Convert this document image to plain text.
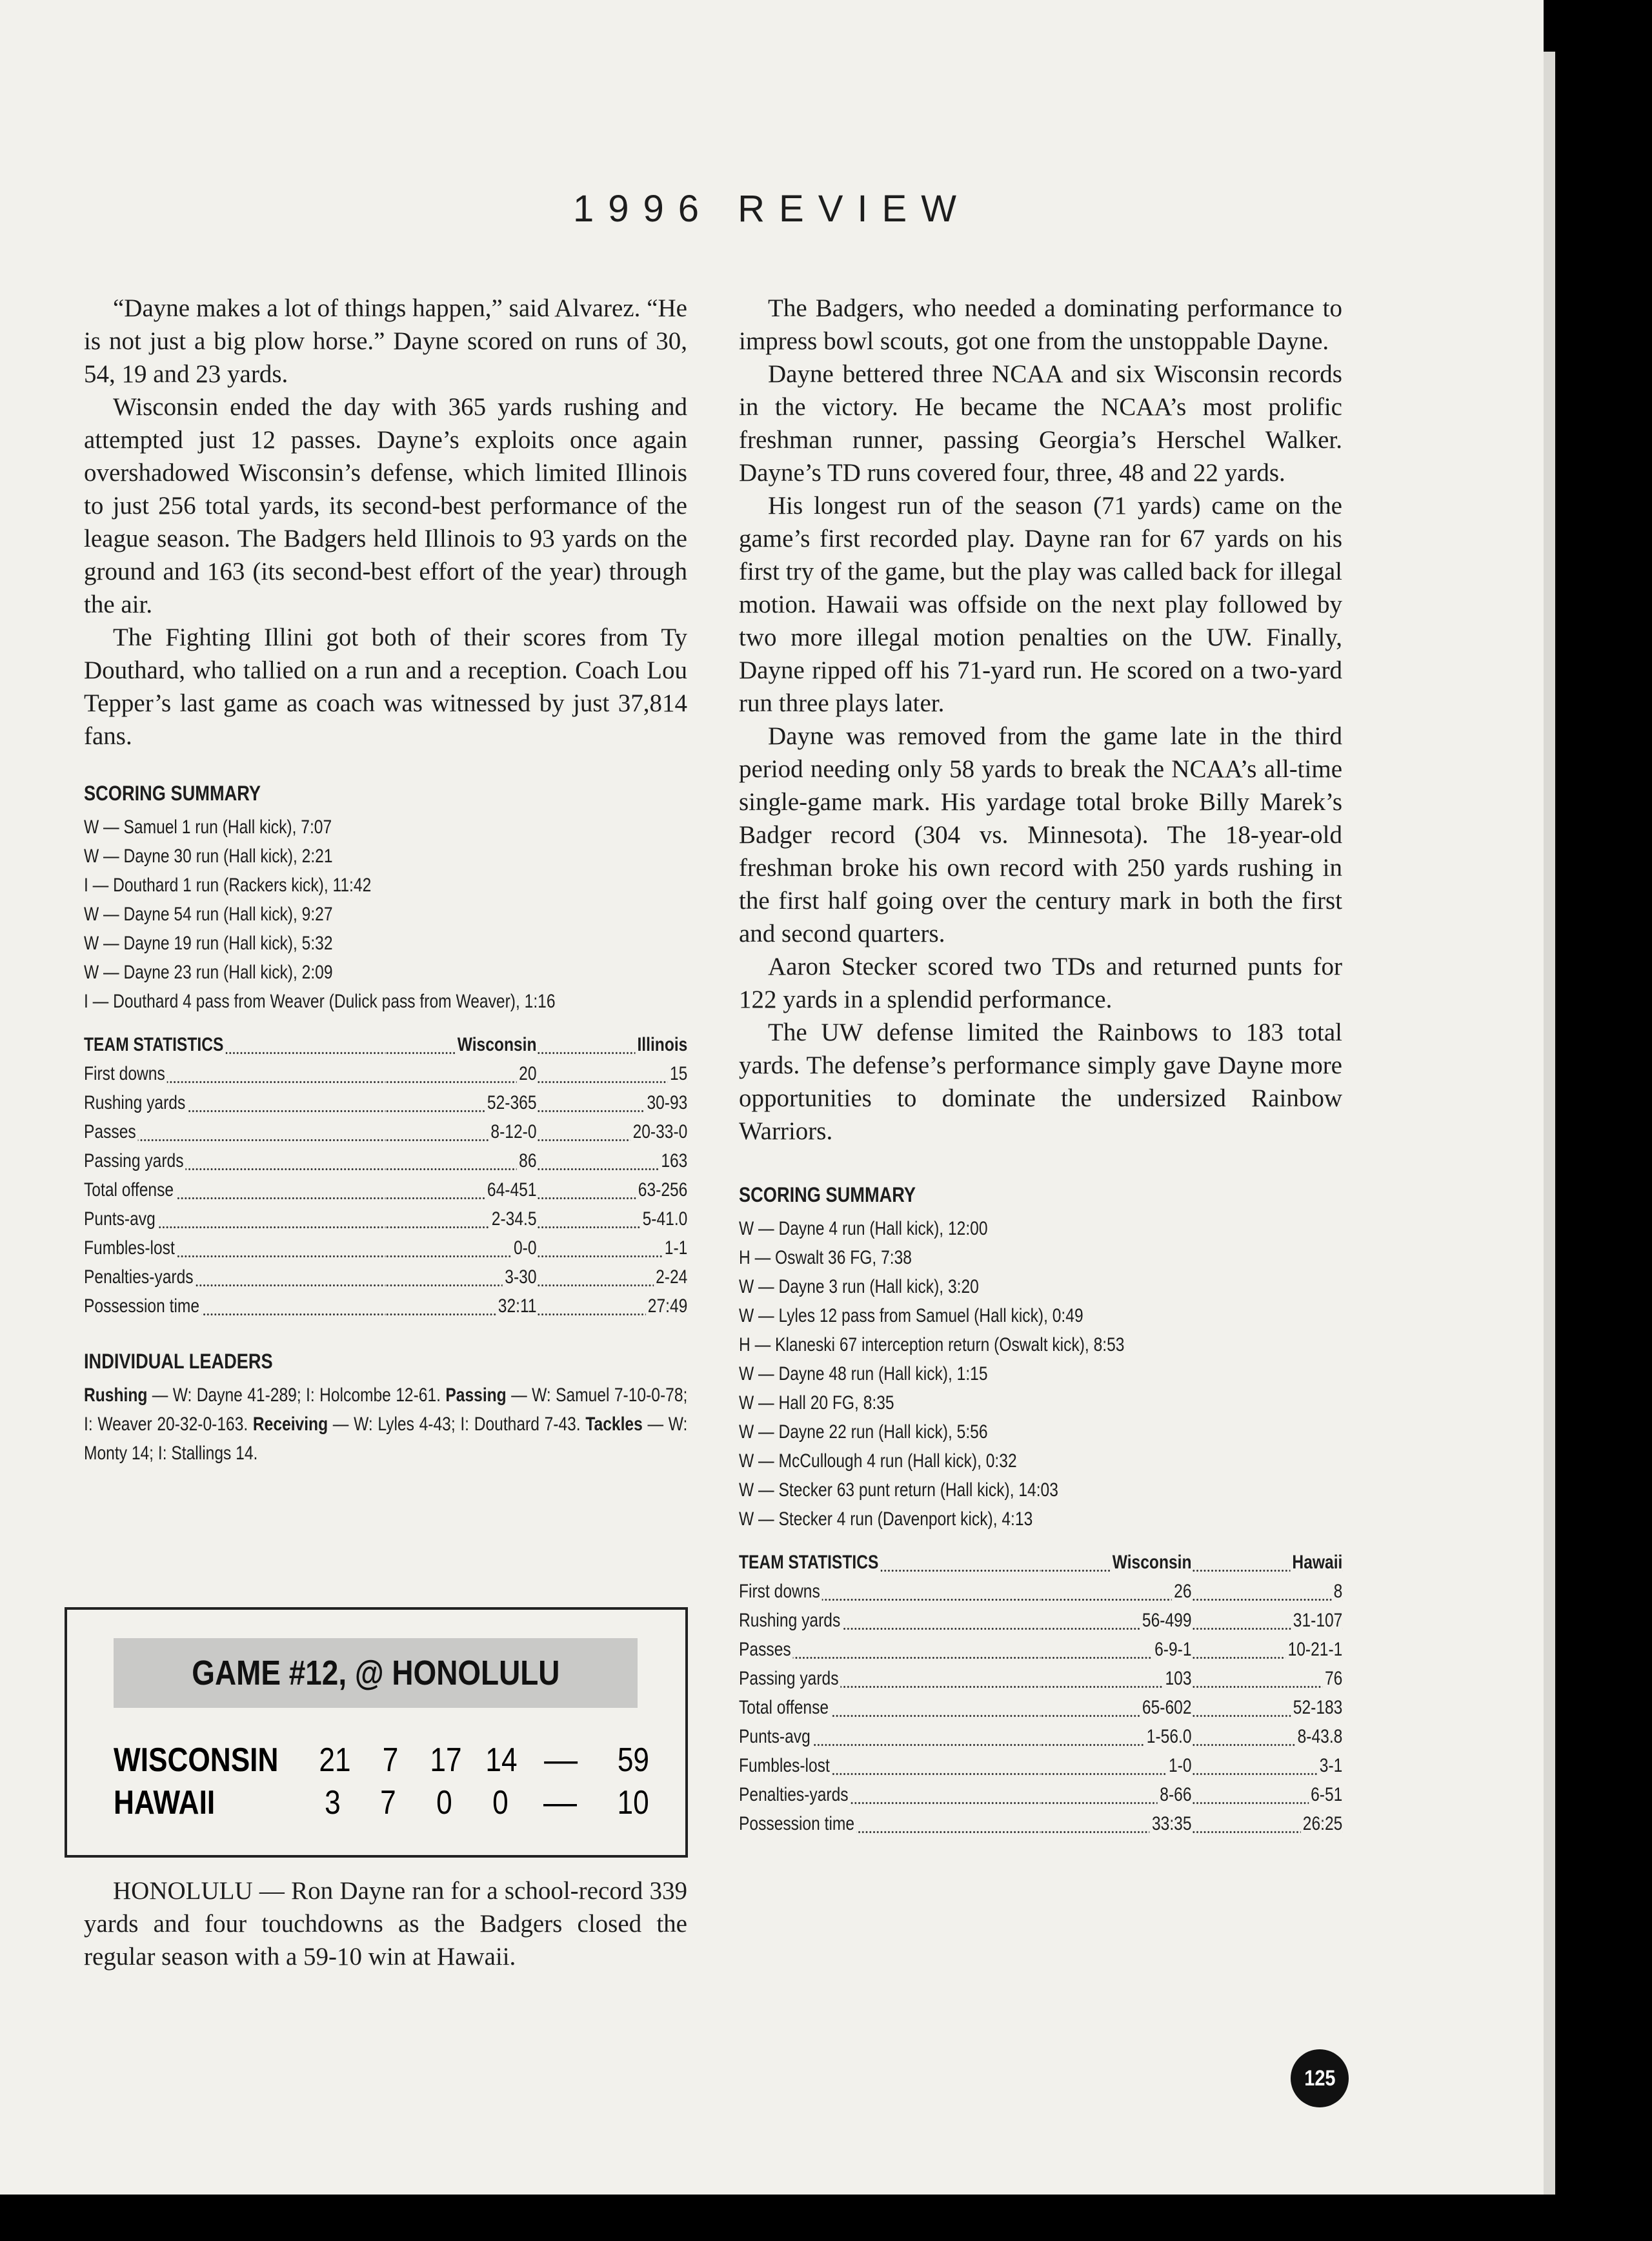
1996 REVIEW

“Dayne makes a lot of things happen,” said Alvarez. “He is not just a big plow horse.” Dayne scored on runs of 30, 54, 19 and 23 yards.

Wisconsin ended the day with 365 yards rushing and attempted just 12 passes. Dayne’s exploits once again overshadowed Wisconsin’s defense, which limited Illinois to just 256 total yards, its second-best performance of the league season. The Badgers held Illinois to 93 yards on the ground and 163 (its second-best effort of the year) through the air.

The Fighting Illini got both of their scores from Ty Douthard, who tallied on a run and a reception. Coach Lou Tepper’s last game as coach was witnessed by just 37,814 fans.

SCORING SUMMARY
W — Samuel 1 run (Hall kick), 7:07
W — Dayne 30 run (Hall kick), 2:21
I — Douthard 1 run (Rackers kick), 11:42
W — Dayne 54 run (Hall kick), 9:27
W — Dayne 19 run (Hall kick), 5:32
W — Dayne 23 run (Hall kick), 2:09
I — Douthard 4 pass from Weaver (Dulick pass from Weaver), 1:16
TEAM STATISTICS	Wisconsin	Illinois
First downs	20	15
Rushing yards	52-365	30-93
Passes	8-12-0	20-33-0
Passing yards	86	163
Total offense	64-451	63-256
Punts-avg	2-34.5	5-41.0
Fumbles-lost	0-0	1-1
Penalties-yards	3-30	2-24
Possession time	32:11	27:49
INDIVIDUAL LEADERS
Rushing — W: Dayne 41-289; I: Holcombe 12-61. Passing — W: Samuel 7-10-0-78; I: Weaver 20-32-0-163. Receiving — W: Lyles 4-43; I: Douthard 7-43. Tackles — W: Monty 14; I: Stallings 14.
GAME #12, @ HONOLULU
WISCONSIN 21 7 17 14 —	59
HAWAII	3	7	0	0	—	10

HONOLULU — Ron Dayne ran for a school-record 339 yards and four touchdowns as the Badgers closed the regular season with a 59-10 win at Hawaii.

The Badgers, who needed a dominating performance to impress bowl scouts, got one from the unstoppable Dayne.

Dayne bettered three NCAA and six Wisconsin records in the victory. He became the NCAA’s most prolific freshman runner, passing Georgia’s Herschel Walker. Dayne’s TD runs covered four, three, 48 and 22 yards.

His longest run of the season (71 yards) came on the game’s first recorded play. Dayne ran for 67 yards on his first try of the game, but the play was called back for illegal motion. Hawaii was offside on the next play followed by two more illegal motion penalties on the UW. Finally, Dayne ripped off his 71-yard run. He scored on a two-yard run three plays later.

Dayne was removed from the game late in the third period needing only 58 yards to break the NCAA’s all-time single-game mark. His yardage total broke Billy Marek’s Badger record (304 vs. Minnesota). The 18-year-old freshman broke his own record with 250 yards rushing in the first half going over the century mark in both the first and second quarters.

Aaron Stecker scored two TDs and returned punts for 122 yards in a splendid performance.

The UW defense limited the Rainbows to 183 total yards. The defense’s performance simply gave Dayne more opportunities to dominate the undersized Rainbow Warriors.

SCORING SUMMARY
W — Dayne 4 run (Hall kick), 12:00
H — Oswalt 36 FG, 7:38
W — Dayne 3 run (Hall kick), 3:20
W — Lyles 12 pass from Samuel (Hall kick), 0:49
H — Klaneski 67 interception return (Oswalt kick), 8:53
W — Dayne 48 run (Hall kick), 1:15
W — Hall 20 FG, 8:35
W — Dayne 22 run (Hall kick), 5:56
W — McCullough 4 run (Hall kick), 0:32
W — Stecker 63 punt return (Hall kick), 14:03
W — Stecker 4 run (Davenport kick), 4:13
TEAM STATISTICS	Wisconsin	Hawaii
First downs	26	8
Rushing yards	56-499	31-107
Passes	6-9-1	10-21-1
Passing yards	103	76
Total offense	65-602	52-183
Punts-avg	1-56.0	8-43.8
Fumbles-lost	1-0	3-1
Penalties-yards	8-66	6-51
Possession time	33:35	26:25
125
